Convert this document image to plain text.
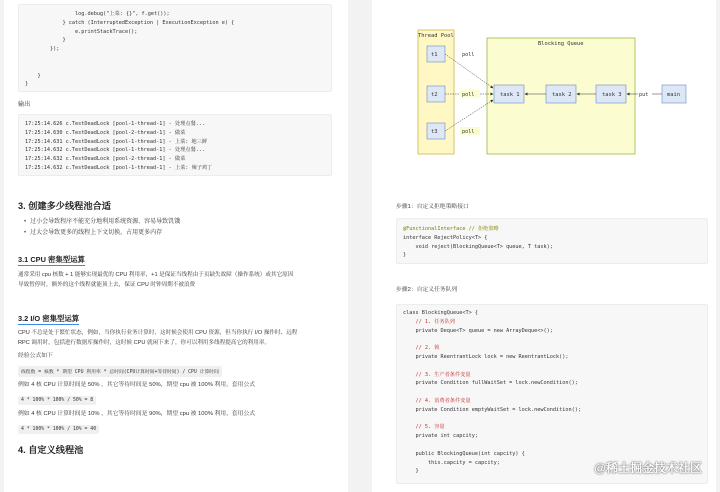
log.debug("上菜: {}", f.get());
} catch (InterruptedException | ExecutionException e) {
e.printStackTrace();
}
});
}
}
输出
17:25:14.626 c.TestDeadLock [pool-1-thread-1] - 处理点餐...
17:25:14.630 c.TestDeadLock [pool-2-thread-1] - 做菜
17:25:14.631 c.TestDeadLock [pool-1-thread-1] - 上菜: 地三鲜
17:25:14.632 c.TestDeadLock [pool-1-thread-1] - 处理点餐...
17:25:14.632 c.TestDeadLock [pool-2-thread-1] - 做菜
17:25:14.632 c.TestDeadLock [pool-1-thread-1] - 上菜: 辣子鸡丁
3. 创建多少线程池合适
• 过小会导致程序不能充分地利用系统资源、容易导致饥饿
• 过大会导致更多的线程上下文切换，占用更多内存
3.1 CPU 密集型运算
通常采用 cpu 核数 + 1 能够实现最优的 CPU 利用率，+1 是保证当线程由于页缺失故障（操作系统）或其它原因
导致暂停时，额外的这个线程就能顶上去，保证 CPU 时钟周期不被浪费
3.2 I/O 密集型运算
CPU 不总是处于繁忙状态，例如，当你执行业务计算时，这时候会使用 CPU 资源，但当你执行 I/O 操作时、远程
RPC 调用时，包括进行数据库操作时，这时候 CPU 就闲下来了，你可以利用多线程提高它的利用率。
经验公式如下
线程数 = 核数 * 期望 CPU 利用率 * 总时间(CPU计算时间+等待时间) / CPU 计算时间
例如 4 核 CPU 计算时间是 50% ，其它等待时间是 50%，期望 cpu 被 100% 利用，套用公式
4 * 100% * 100% / 50% = 8
例如 4 核 CPU 计算时间是 10% ，其它等待时间是 90%，期望 cpu 被 100% 利用，套用公式
4 * 100% * 100% / 10% = 40
4. 自定义线程池
Thread Pool
Blocking Queue
t1
t2
t3
task 1	task 2	task 3	main
poll
poll
poll
put
步骤1：自定义拒绝策略接口
@FunctionalInterface // 拒绝策略
interface RejectPolicy<T> {
void reject(BlockingQueue<T> queue, T task);
}
步骤2：自定义任务队列
class BlockingQueue<T> {
// 1. 任务队列
private Deque<T> queue = new ArrayDeque<>();
// 2. 锁
private ReentrantLock lock = new ReentrantLock();
// 3. 生产者条件变量
private Condition fullWaitSet = lock.newCondition();
// 4. 消费者条件变量
private Condition emptyWaitSet = lock.newCondition();
// 5. 容量
private int capcity;
public BlockingQueue(int capcity) {
this.capcity = capcity;
}	@稀土掘金技术社区
